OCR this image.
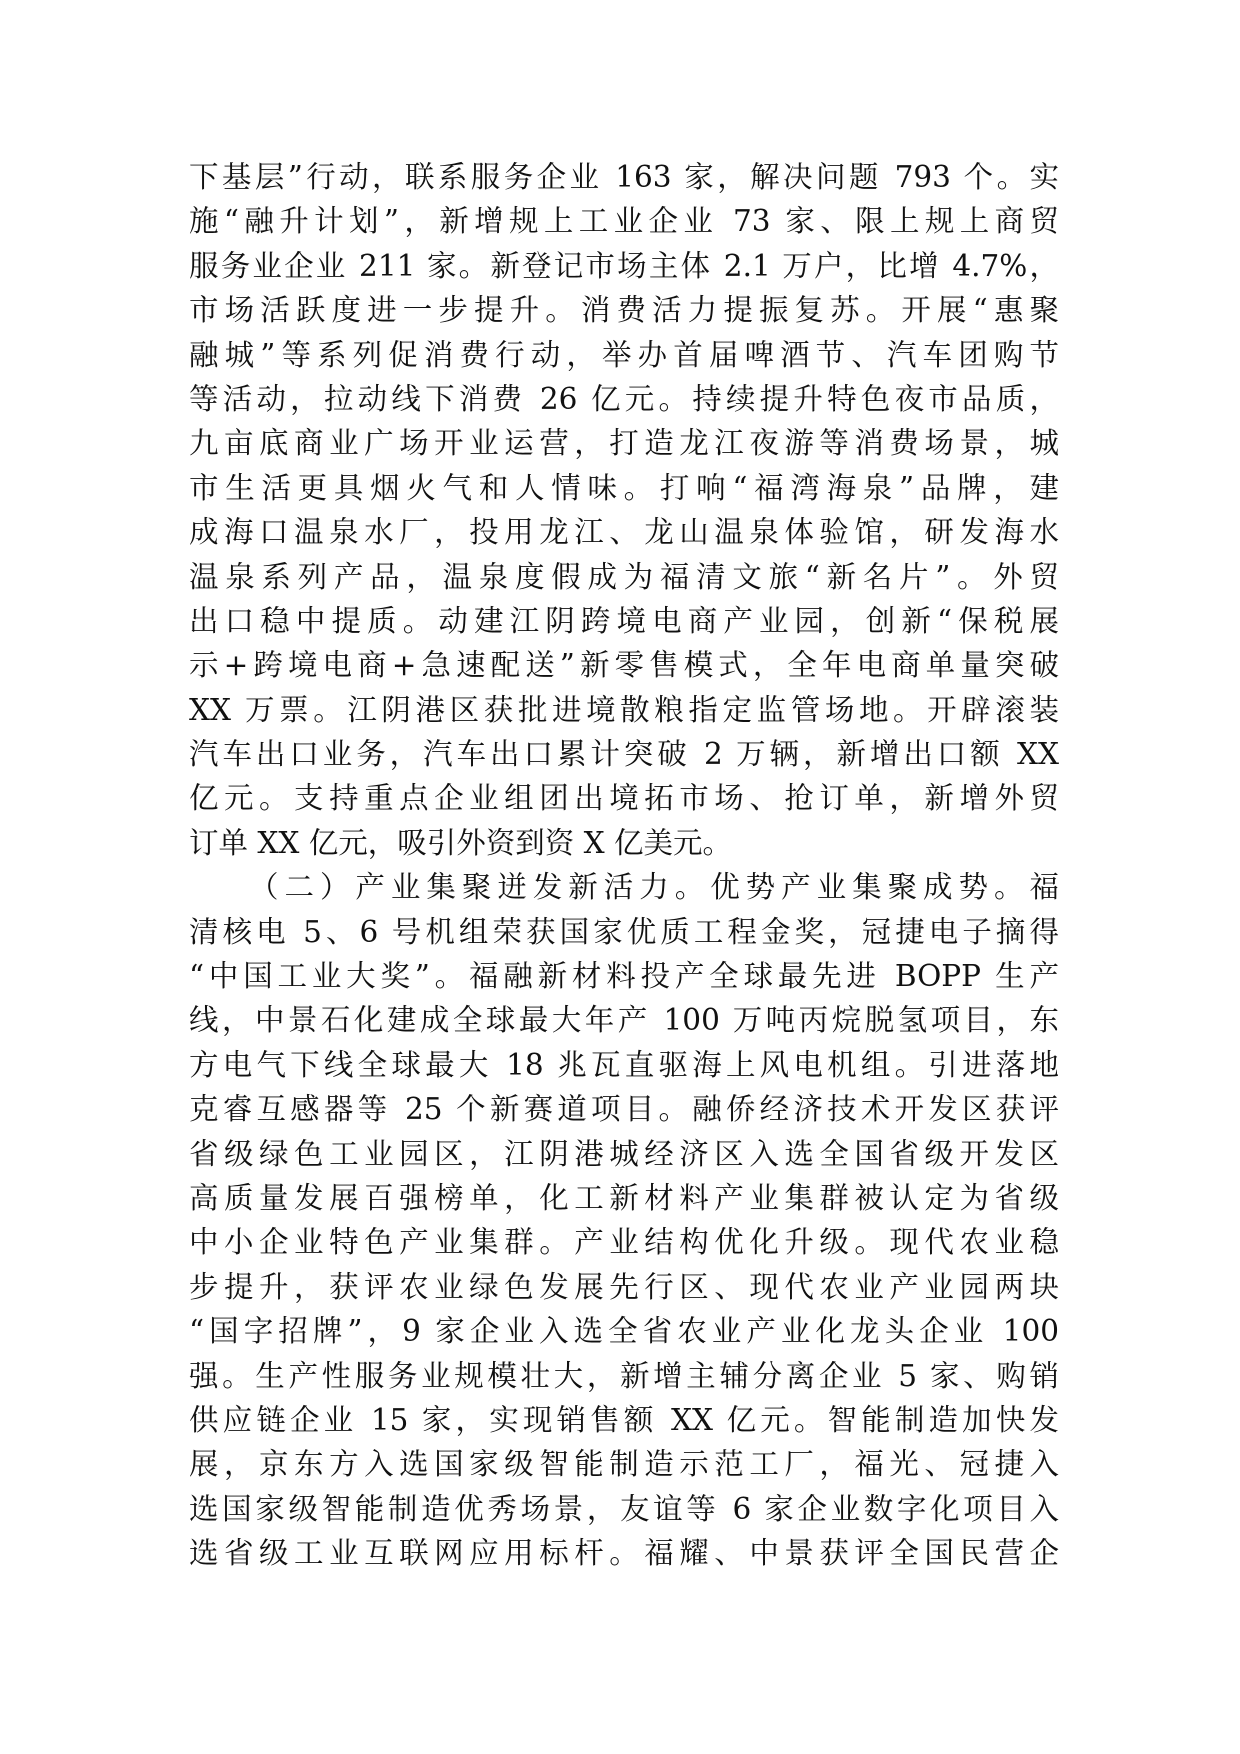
下基层”行动，联系服务企业 163 家，解决问题 793 个。实
施“融升计划”，新增规上工业企业 73 家、限上规上商贸
服务业企业 211 家。新登记市场主体 2.1 万户，比增 4.7%，
市场活跃度进一步提升。消费活力提振复苏。开展“惠聚
融城”等系列促消费行动，举办首届啤酒节、汽车团购节
等活动，拉动线下消费 26 亿元。持续提升特色夜市品质，
九亩底商业广场开业运营，打造龙江夜游等消费场景，城
市生活更具烟火气和人情味。打响“福湾海泉”品牌，建
成海口温泉水厂，投用龙江、龙山温泉体验馆，研发海水
温泉系列产品，温泉度假成为福清文旅“新名片”。外贸
出口稳中提质。动建江阴跨境电商产业园，创新“保税展
示+跨境电商+急速配送”新零售模式，全年电商单量突破
XX 万票。江阴港区获批进境散粮指定监管场地。开辟滚装
汽车出口业务，汽车出口累计突破 2 万辆，新增出口额 XX
亿元。支持重点企业组团出境拓市场、抢订单，新增外贸
订单 XX 亿元，吸引外资到资 X 亿美元。
（二）产业集聚迸发新活力。优势产业集聚成势。福
清核电 5、6 号机组荣获国家优质工程金奖，冠捷电子摘得
“中国工业大奖”。福融新材料投产全球最先进 BOPP 生产
线，中景石化建成全球最大年产 100 万吨丙烷脱氢项目，东
方电气下线全球最大 18 兆瓦直驱海上风电机组。引进落地
克睿互感器等 25 个新赛道项目。融侨经济技术开发区获评
省级绿色工业园区，江阴港城经济区入选全国省级开发区
高质量发展百强榜单，化工新材料产业集群被认定为省级
中小企业特色产业集群。产业结构优化升级。现代农业稳
步提升，获评农业绿色发展先行区、现代农业产业园两块
“国字招牌”，9 家企业入选全省农业产业化龙头企业 100
强。生产性服务业规模壮大，新增主辅分离企业 5 家、购销
供应链企业 15 家，实现销售额 XX 亿元。智能制造加快发
展，京东方入选国家级智能制造示范工厂，福光、冠捷入
选国家级智能制造优秀场景，友谊等 6 家企业数字化项目入
选省级工业互联网应用标杆。福耀、中景获评全国民营企
